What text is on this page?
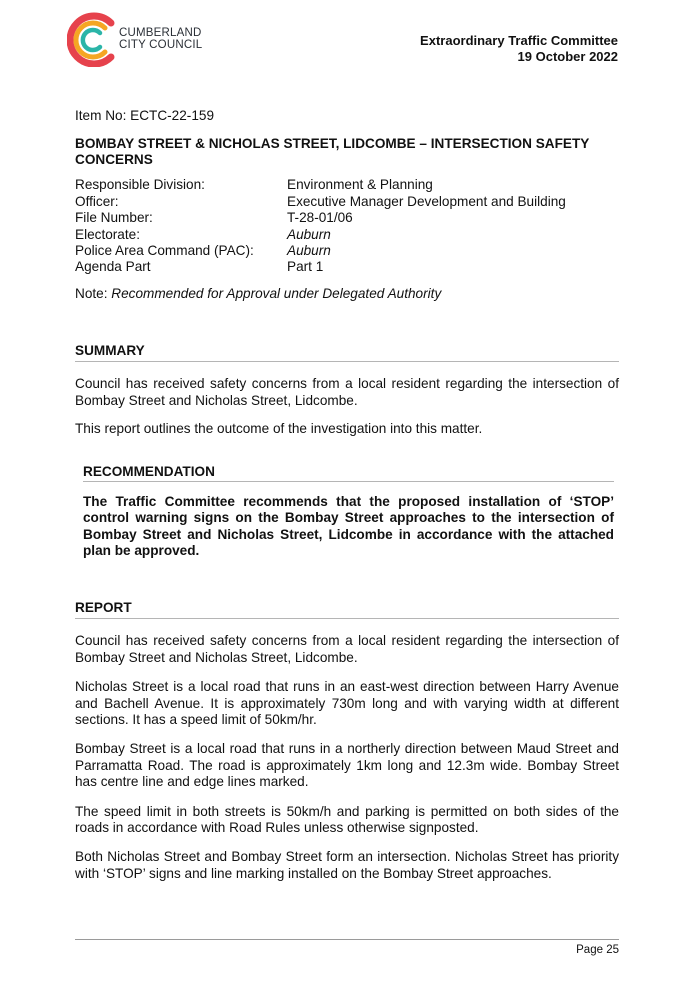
CUMBERLAND
CITY COUNCIL	Extraordinary Traffic Committee
19 October 2022

Item No: ECTC-22-159

BOMBAY STREET & NICHOLAS STREET, LIDCOMBE – INTERSECTION SAFETY CONCERNS

Responsible Division:	Environment & Planning
Officer:	Executive Manager Development and Building
File Number:	T-28-01/06
Electorate:	Auburn
Police Area Command (PAC):	Auburn
Agenda Part	Part 1

Note: Recommended for Approval under Delegated Authority

SUMMARY

Council has received safety concerns from a local resident regarding the intersection of Bombay Street and Nicholas Street, Lidcombe.

This report outlines the outcome of the investigation into this matter.

RECOMMENDATION

The Traffic Committee recommends that the proposed installation of ‘STOP’ control warning signs on the Bombay Street approaches to the intersection of Bombay Street and Nicholas Street, Lidcombe in accordance with the attached plan be approved.

REPORT

Council has received safety concerns from a local resident regarding the intersection of Bombay Street and Nicholas Street, Lidcombe.

Nicholas Street is a local road that runs in an east-west direction between Harry Avenue and Bachell Avenue. It is approximately 730m long and with varying width at different sections. It has a speed limit of 50km/hr.

Bombay Street is a local road that runs in a northerly direction between Maud Street and Parramatta Road. The road is approximately 1km long and 12.3m wide. Bombay Street has centre line and edge lines marked.

The speed limit in both streets is 50km/h and parking is permitted on both sides of the roads in accordance with Road Rules unless otherwise signposted.

Both Nicholas Street and Bombay Street form an intersection. Nicholas Street has priority with ‘STOP’ signs and line marking installed on the Bombay Street approaches.

Page 25
